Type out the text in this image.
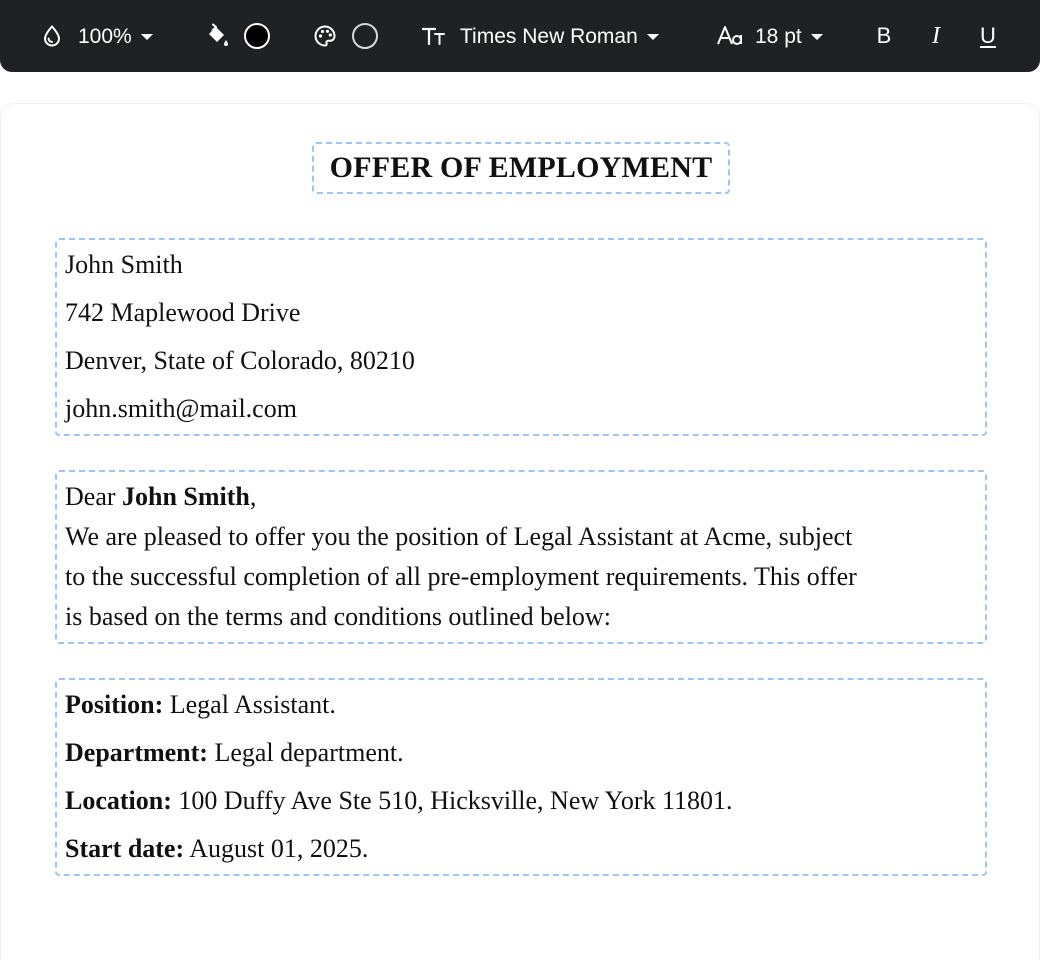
100%	Times New Roman	18 pt	B I U
OFFER OF EMPLOYMENT
John Smith
742 Maplewood Drive
Denver, State of Colorado, 80210
john.smith@mail.com
Dear John Smith,
We are pleased to offer you the position of Legal Assistant at Acme, subject
to the successful completion of all pre-employment requirements. This offer
is based on the terms and conditions outlined below:
Position: Legal Assistant.
Department: Legal department.
Location: 100 Duffy Ave Ste 510, Hicksville, New York 11801.
Start date: August 01, 2025.
